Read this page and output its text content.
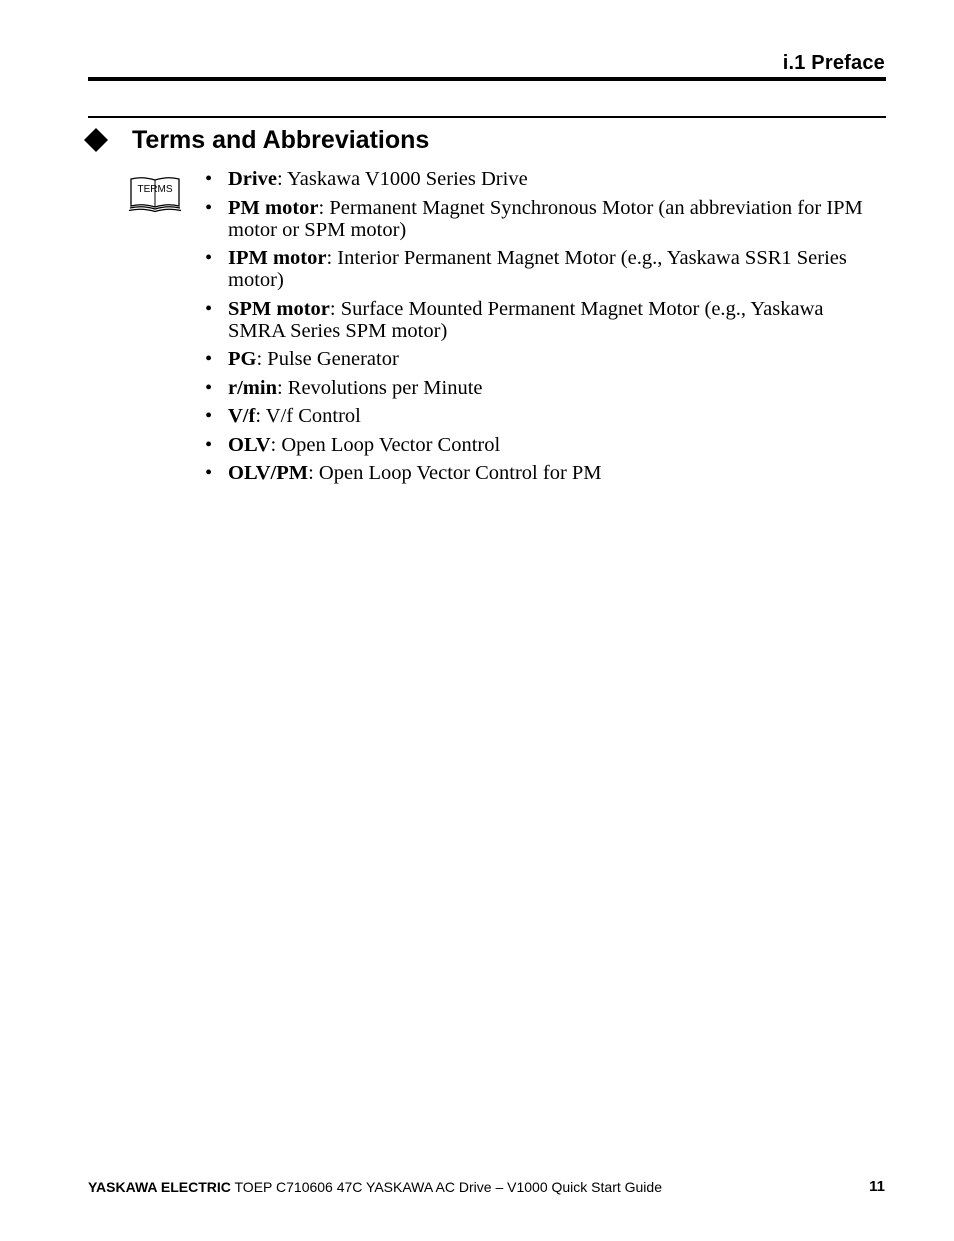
i.1 Preface
Terms and Abbreviations
TERMS	• Drive: Yaskawa V1000 Series Drive
• PM motor: Permanent Magnet Synchronous Motor (an abbreviation for IPM motor or SPM motor)
• IPM motor: Interior Permanent Magnet Motor (e.g., Yaskawa SSR1 Series motor)
• SPM motor: Surface Mounted Permanent Magnet Motor (e.g., Yaskawa SMRA Series SPM motor)
• PG: Pulse Generator
• r/min: Revolutions per Minute
• V/f: V/f Control
• OLV: Open Loop Vector Control
• OLV/PM: Open Loop Vector Control for PM
YASKAWA ELECTRIC TOEP C710606 47C YASKAWA AC Drive – V1000 Quick Start Guide	11
